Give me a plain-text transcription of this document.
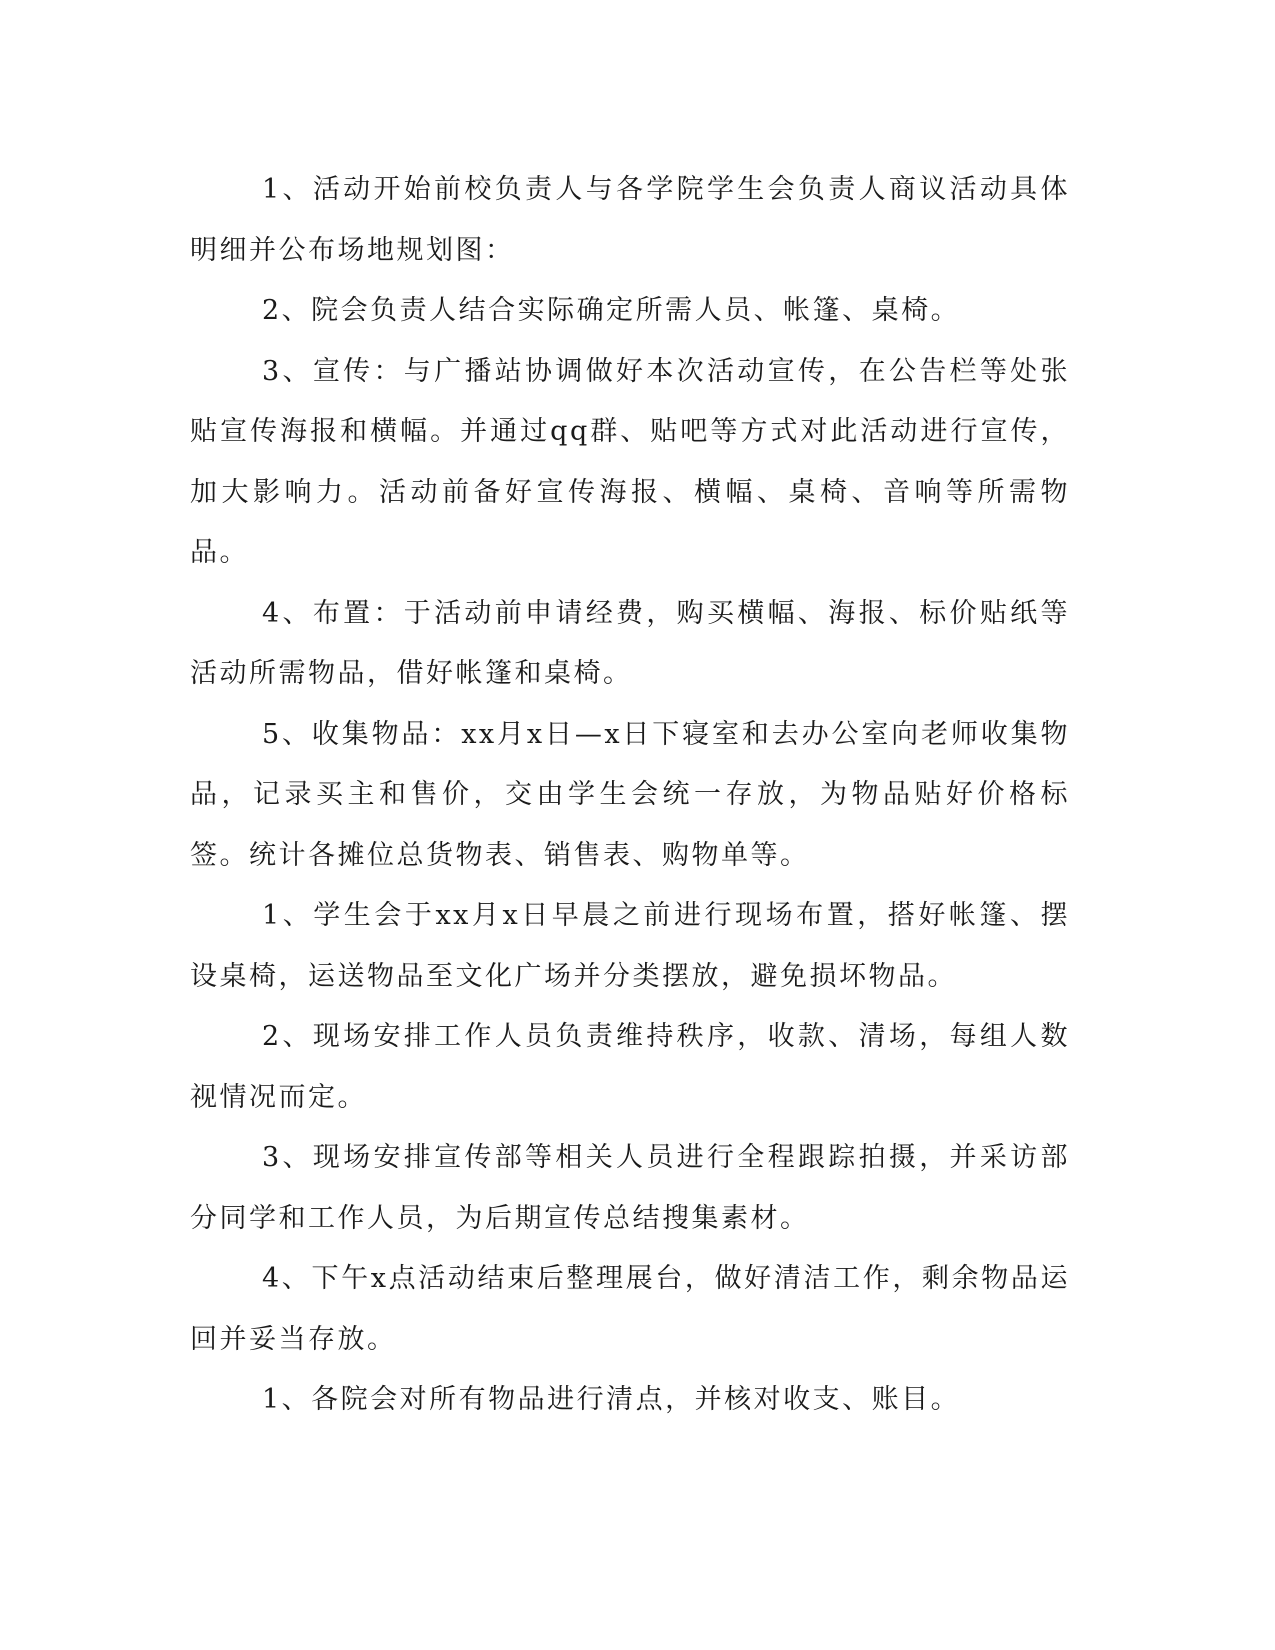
1、活动开始前校负责人与各学院学生会负责人商议活动具体明细并公布场地规划图：

2、院会负责人结合实际确定所需人员、帐篷、桌椅。

3、宣传：与广播站协调做好本次活动宣传，在公告栏等处张贴宣传海报和横幅。并通过qq群、贴吧等方式对此活动进行宣传，加大影响力。活动前备好宣传海报、横幅、桌椅、音响等所需物品。

4、布置：于活动前申请经费，购买横幅、海报、标价贴纸等活动所需物品，借好帐篷和桌椅。

5、收集物品：xx月x日—x日下寝室和去办公室向老师收集物品，记录买主和售价，交由学生会统一存放，为物品贴好价格标签。统计各摊位总货物表、销售表、购物单等。

1、学生会于xx月x日早晨之前进行现场布置，搭好帐篷、摆设桌椅，运送物品至文化广场并分类摆放，避免损坏物品。

2、现场安排工作人员负责维持秩序，收款、清场，每组人数视情况而定。

3、现场安排宣传部等相关人员进行全程跟踪拍摄，并采访部分同学和工作人员，为后期宣传总结搜集素材。

4、下午x点活动结束后整理展台，做好清洁工作，剩余物品运回并妥当存放。

1、各院会对所有物品进行清点，并核对收支、账目。
